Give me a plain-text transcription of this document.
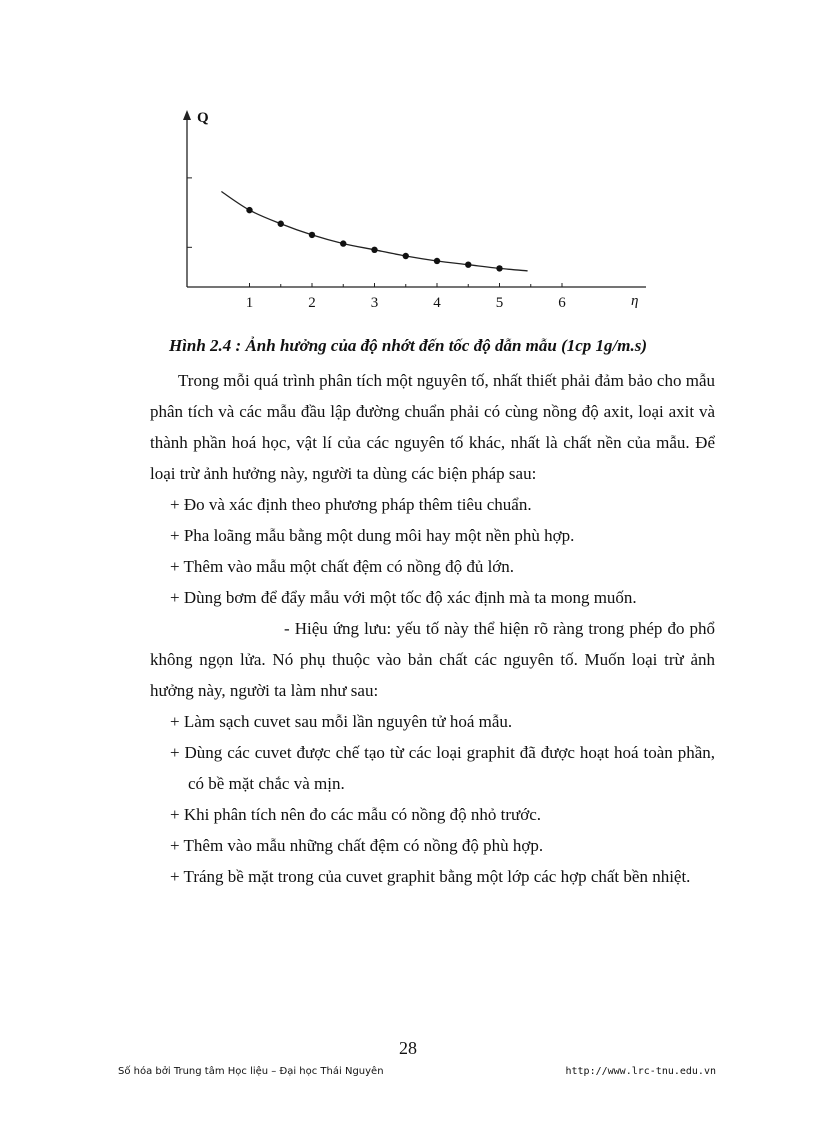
Q
1	2	3	4	5	6	η
Hình 2.4 : Ảnh hưởng của độ nhớt đến tốc độ dẫn mẫu (1cp 1g/m.s)

Trong mỗi quá trình phân tích một nguyên tố, nhất thiết phải đảm bảo cho mẫu phân tích và các mẫu đầu lập đường chuẩn phải có cùng nồng độ axit, loại axit và thành phần hoá học, vật lí của các nguyên tố khác, nhất là chất nền của mẫu. Để loại trừ ảnh hưởng này, người ta dùng các biện pháp sau:

+ Đo và xác định theo phương pháp thêm tiêu chuẩn.

+ Pha loãng mẫu bằng một dung môi hay một nền phù hợp.

+ Thêm vào mẫu một chất đệm có nồng độ đủ lớn.

+ Dùng bơm để đẩy mẫu với một tốc độ xác định mà ta mong muốn.

- Hiệu ứng lưu: yếu tố này thể hiện rõ ràng trong phép đo phổ không ngọn lửa. Nó phụ thuộc vào bản chất các nguyên tố. Muốn loại trừ ảnh hưởng này, người ta làm như sau:

+ Làm sạch cuvet sau mỗi lần nguyên tử hoá mẫu.

+ Dùng các cuvet được chế tạo từ các loại graphit đã được hoạt hoá toàn phần, có bề mặt chắc và mịn.

+ Khi phân tích nên đo các mẫu có nồng độ nhỏ trước.

+ Thêm vào mẫu những chất đệm có nồng độ phù hợp.

+ Tráng bề mặt trong của cuvet graphit bằng một lớp các hợp chất bền nhiệt.

28
Số hóa bởi Trung tâm Học liệu – Đại học Thái Nguyên	http://www.lrc-tnu.edu.vn
